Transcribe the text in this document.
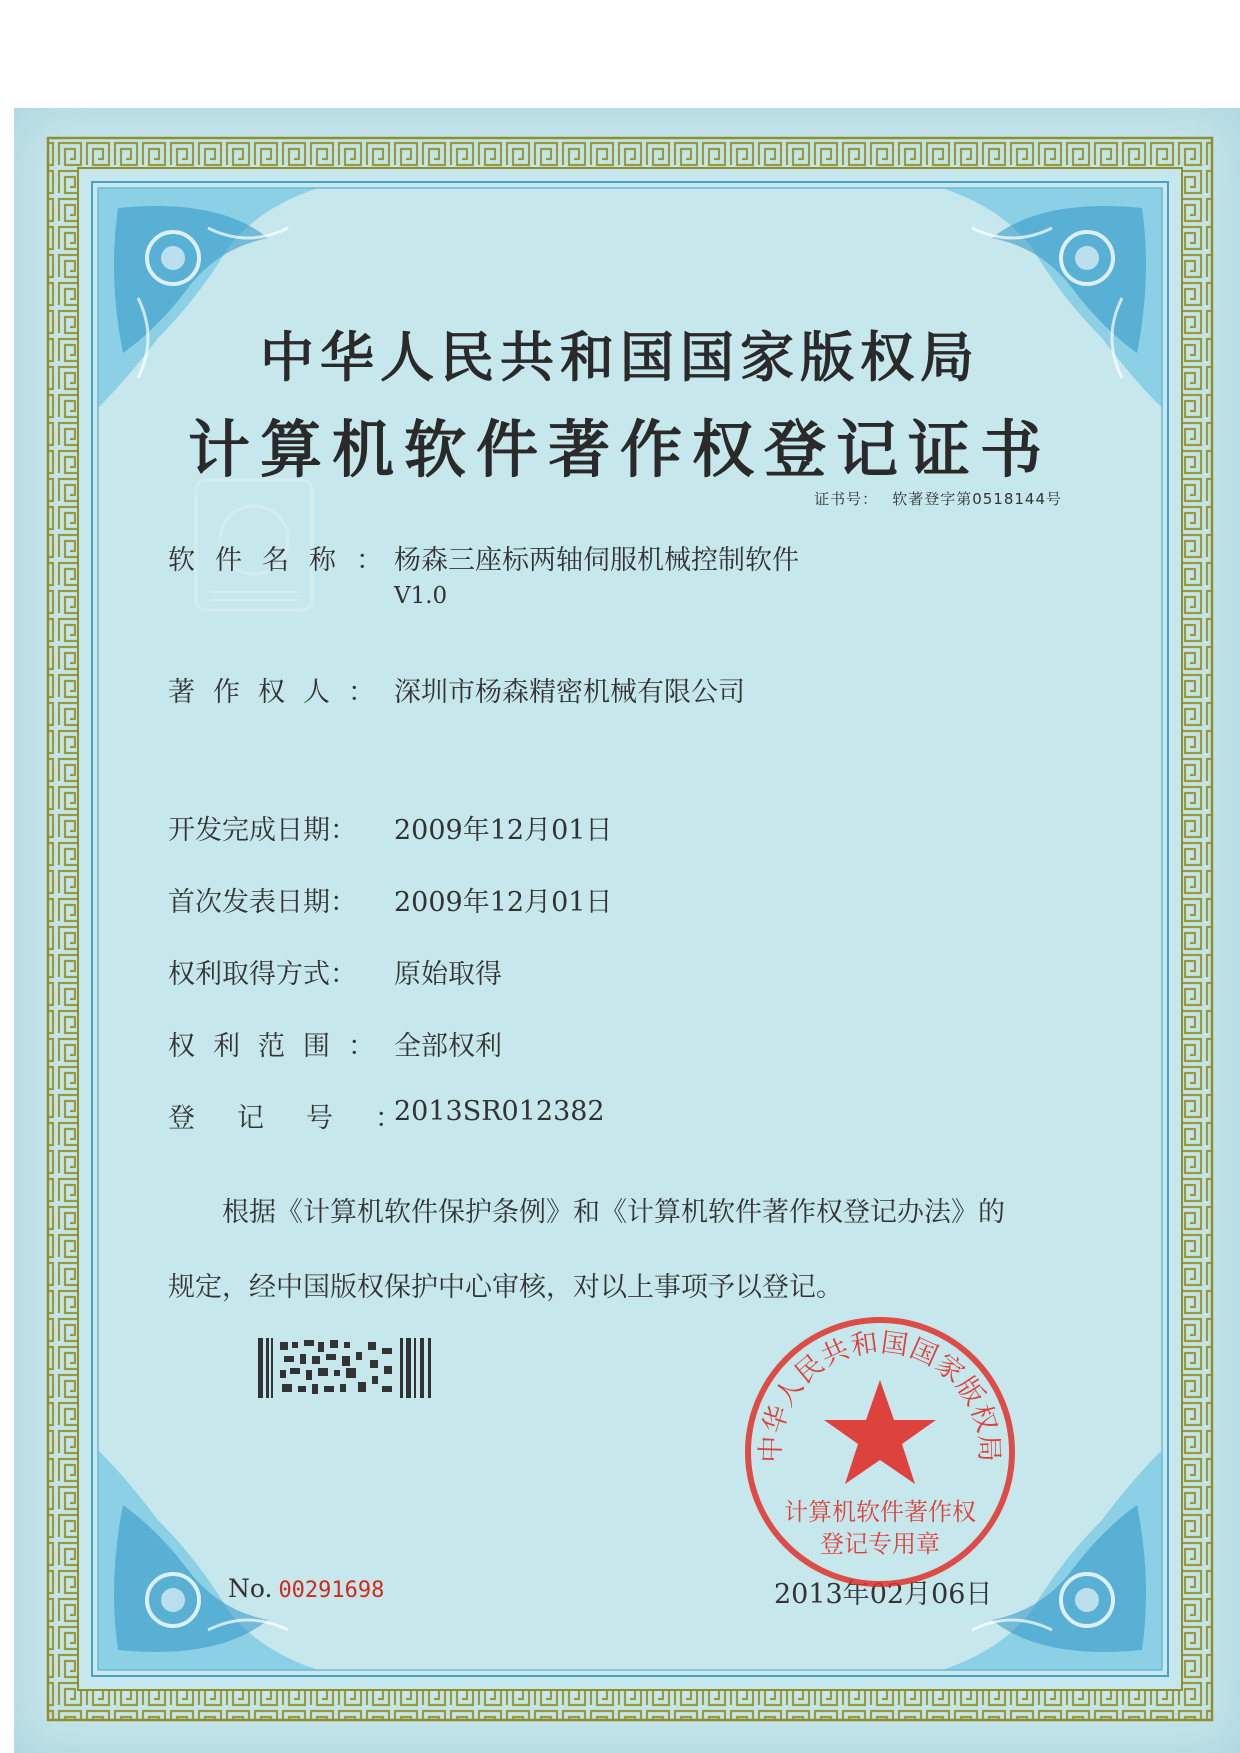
中华人民共和国国家版权局
计算机软件著作权登记证书
证书号： 软著登字第0518144号
软件名称：杨森三座标两轴伺服机械控制软件
V1.0
著作权人：深圳市杨森精密机械有限公司
开发完成日期： 2009年12月01日
首次发表日期： 2009年12月01日
权利取得方式： 原始取得
权利范围：全部权利
登记号：2013SR012382
根据《计算机软件保护条例》和《计算机软件著作权登记办法》的
规定，经中国版权保护中心审核，对以上事项予以登记。
No. 00291698	2013年02月06日
中华人民共和国国家版权局
计算机软件著作权
登记专用章
